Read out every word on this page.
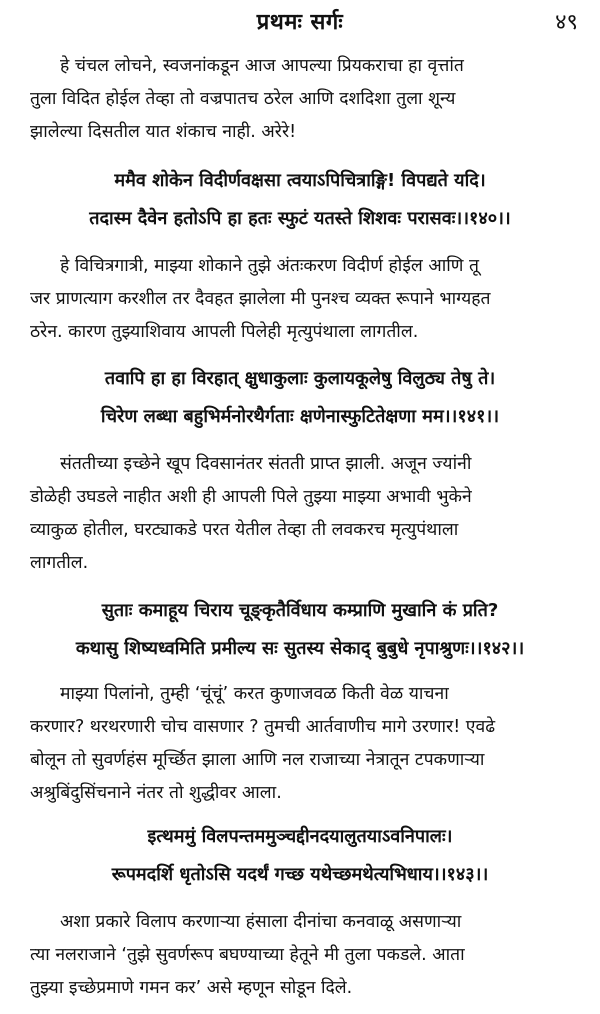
प्रथमः सर्गः	४९
हे चंचल लोचने, स्वजनांकडून आज आपल्या प्रियकराचा हा वृत्तांत
तुला विदित होईल तेव्हा तो वज्रपातच ठरेल आणि दशदिशा तुला शून्य
झालेल्या दिसतील यात शंकाच नाही. अरेरे!
ममैव शोकेन विदीर्णवक्षसा त्वयाऽपिचित्राङ्गि! विपद्यते यदि।
तदास्म दैवेन हतोऽपि हा हतः स्फुटं यतस्ते शिशवः परासवः।।१४०।।
हे विचित्रगात्री, माझ्या शोकाने तुझे अंतःकरण विदीर्ण होईल आणि तू
जर प्राणत्याग करशील तर दैवहत झालेला मी पुनश्च व्यक्त रूपाने भाग्यहत
ठरेन. कारण तुझ्याशिवाय आपली पिलेही मृत्युपंथाला लागतील.
तवापि हा हा विरहात् क्षुधाकुलाः कुलायकूलेषु विलुठ्य तेषु ते।
चिरेण लब्धा बहुभिर्मनोरथैर्गताः क्षणेनास्फुटितेक्षणा मम।।१४१।।
संततीच्या इच्छेने खूप दिवसानंतर संतती प्राप्त झाली. अजून ज्यांनी
डोळेही उघडले नाहीत अशी ही आपली पिले तुझ्या माझ्या अभावी भुकेने
व्याकुळ होतील, घरट्याकडे परत येतील तेव्हा ती लवकरच मृत्युपंथाला
लागतील.
सुताः कमाहूय चिराय चूङ्कृतैर्विधाय कम्प्राणि मुखानि कं प्रति?
कथासु शिष्यध्वमिति प्रमील्य सः सुतस्य सेकाद् बुबुधे नृपाश्रुणः।।१४२।।
माझ्या पिलांनो, तुम्ही ‘चूंचूं’ करत कुणाजवळ किती वेळ याचना
करणार? थरथरणारी चोच वासणार ? तुमची आर्तवाणीच मागे उरणार! एवढे
बोलून तो सुवर्णहंस मूर्च्छित झाला आणि नल राजाच्या नेत्रातून टपकणाऱ्या
अश्रुबिंदुसिंचनाने नंतर तो शुद्धीवर आला.
इत्थममुं विलपन्तममुञ्चद्दीनदयालुतयाऽवनिपालः।
रूपमदर्शि धृतोऽसि यदर्थं गच्छ यथेच्छमथेत्यभिधाय।।१४३।।
अशा प्रकारे विलाप करणाऱ्या हंसाला दीनांचा कनवाळू असणाऱ्या
त्या नलराजाने ‘तुझे सुवर्णरूप बघण्याच्या हेतूने मी तुला पकडले. आता
तुझ्या इच्छेप्रमाणे गमन कर’ असे म्हणून सोडून दिले.
